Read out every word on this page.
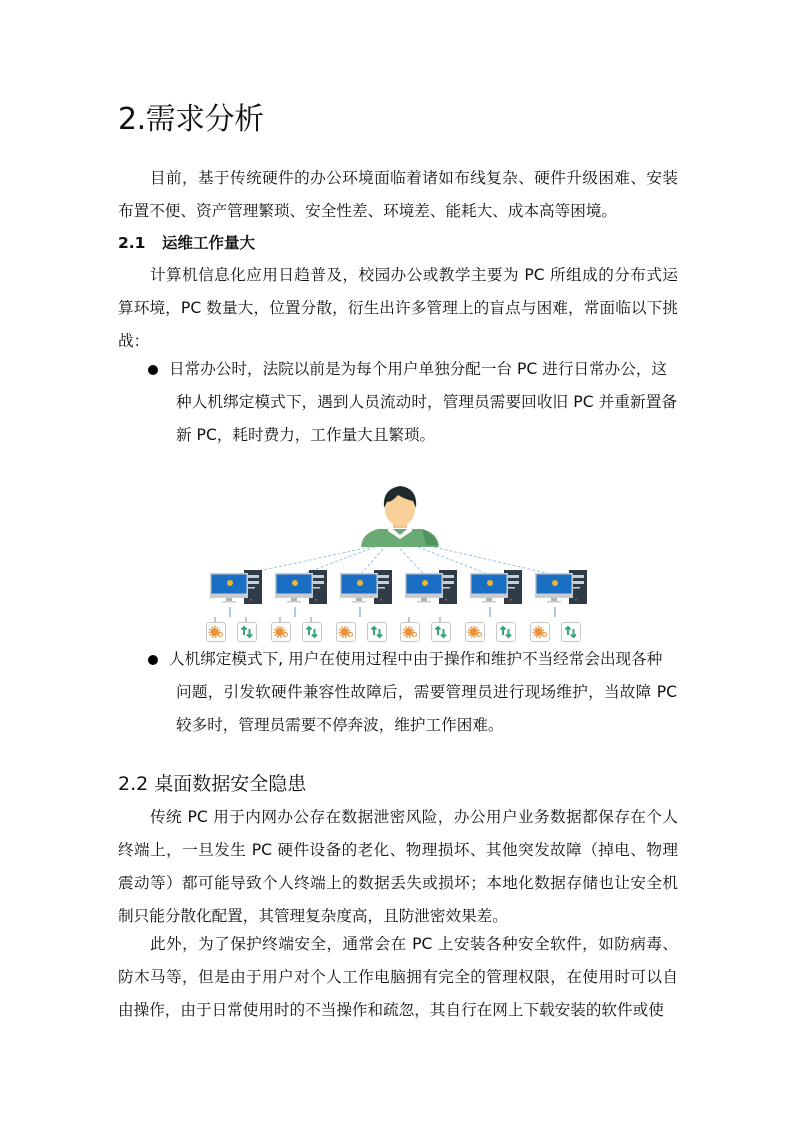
2.需求分析
目前，基于传统硬件的办公环境面临着诸如布线复杂、硬件升级困难、安装布置不便、资产管理繁琐、安全性差、环境差、能耗大、成本高等困境。
2.1 运维工作量大
计算机信息化应用日趋普及，校园办公或教学主要为 PC 所组成的分布式运算环境，PC 数量大，位置分散，衍生出许多管理上的盲点与困难，常面临以下挑战：
日常办公时，法院以前是为每个用户单独分配一台 PC 进行日常办公，这
种人机绑定模式下，遇到人员流动时，管理员需要回收旧 PC 并重新置备新 PC，耗时费力，工作量大且繁琐。
人机绑定模式下, 用户在使用过程中由于操作和维护不当经常会出现各种
问题，引发软硬件兼容性故障后，需要管理员进行现场维护，当故障 PC 较多时，管理员需要不停奔波，维护工作困难。
2.2 桌面数据安全隐患
传统 PC 用于内网办公存在数据泄密风险，办公用户业务数据都保存在个人终端上，一旦发生 PC 硬件设备的老化、物理损坏、其他突发故障（掉电、物理震动等）都可能导致个人终端上的数据丢失或损坏；本地化数据存储也让安全机制只能分散化配置，其管理复杂度高，且防泄密效果差。
此外，为了保护终端安全，通常会在 PC 上安装各种安全软件，如防病毒、防木马等，但是由于用户对个人工作电脑拥有完全的管理权限，在使用时可以自由操作，由于日常使用时的不当操作和疏忽，其自行在网上下载安装的软件或使
